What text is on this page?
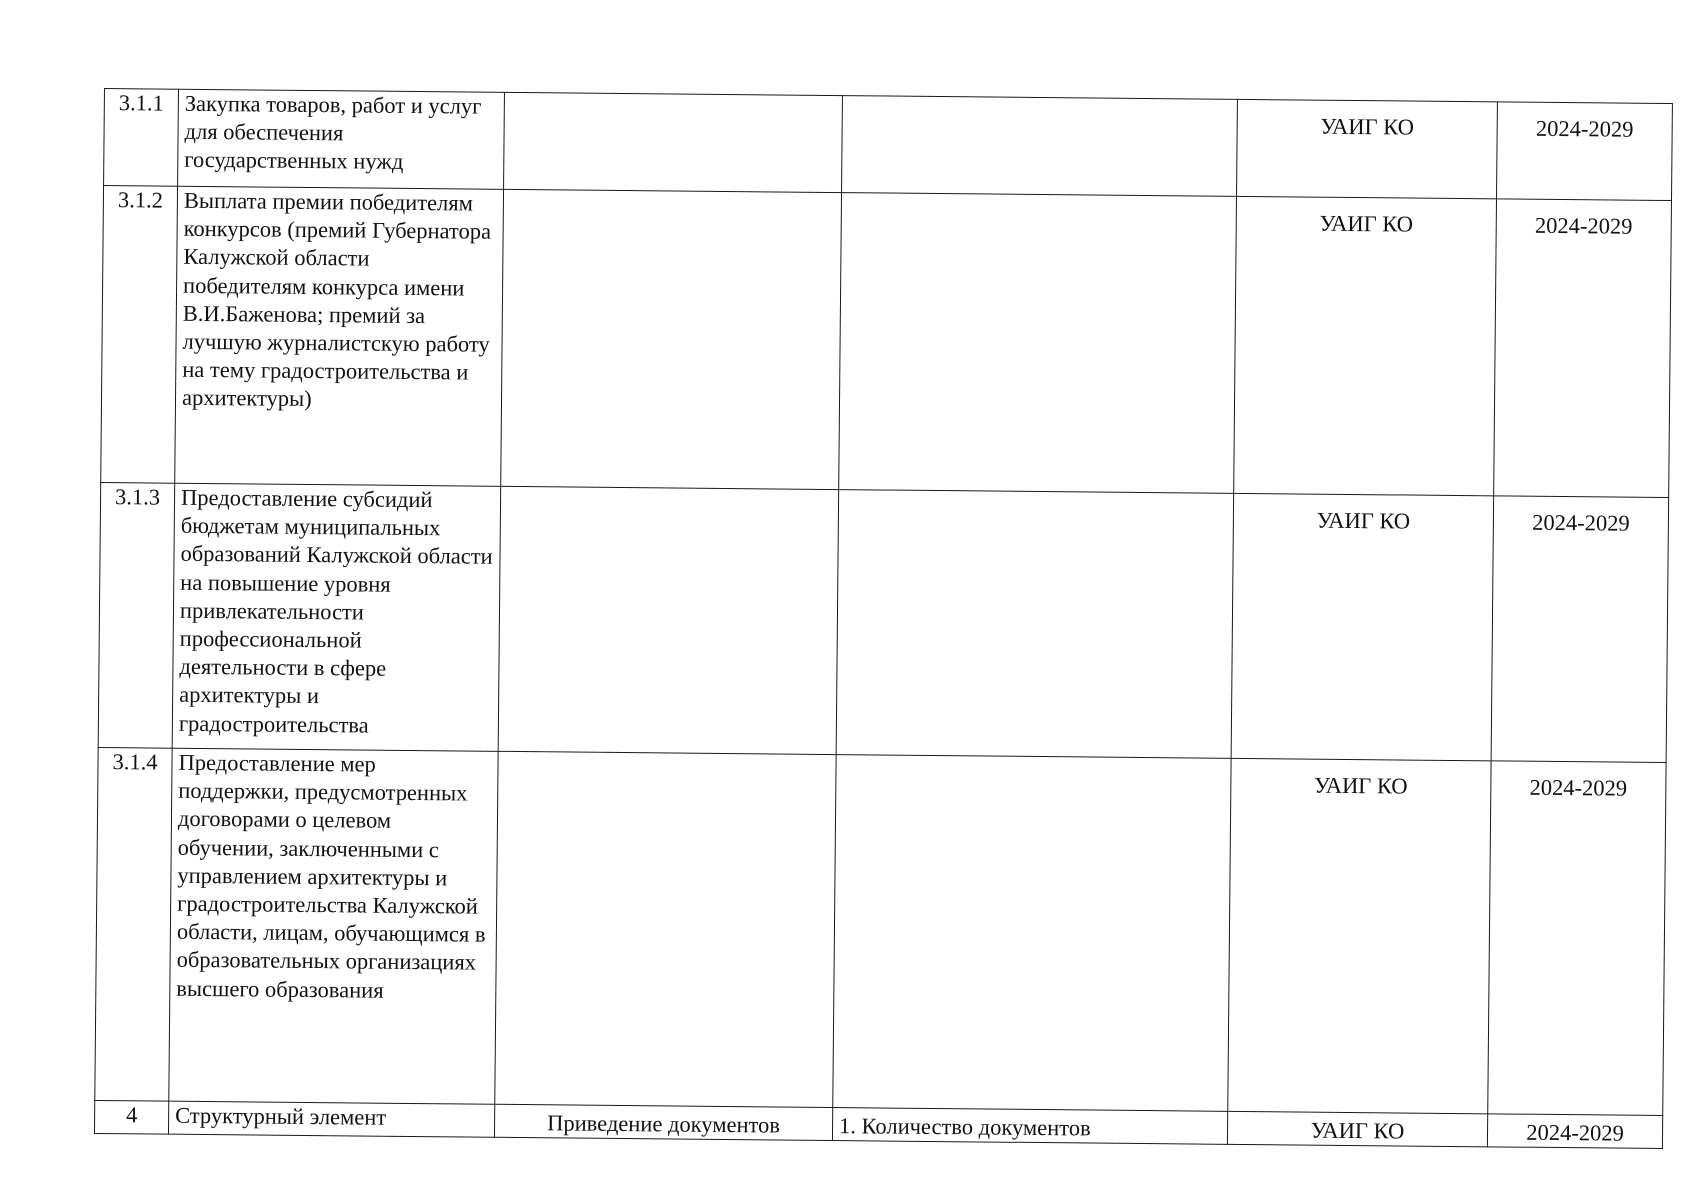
3.1.1	Закупка товаров, работ и услуг для обеспечения государственных нужд			УАИГ КО	2024-2029
3.1.2	Выплата премии победителям конкурсов (премий Губернатора Калужской области победителям конкурса имени В.И.Баженова; премий за лучшую журналистскую работу на тему градостроительства и архитектуры)			УАИГ КО	2024-2029
3.1.3	Предоставление субсидий бюджетам муниципальных образований Калужской области на повышение уровня привлекательности профессиональной деятельности в сфере архитектуры и градостроительства			УАИГ КО	2024-2029
3.1.4	Предоставление мер поддержки, предусмотренных договорами о целевом обучении, заключенными с управлением архитектуры и градостроительства Калужской области, лицам, обучающимся в образовательных организациях высшего образования			УАИГ КО	2024-2029
4	Структурный элемент	Приведение документов	1. Количество документов	УАИГ КО	2024-2029
